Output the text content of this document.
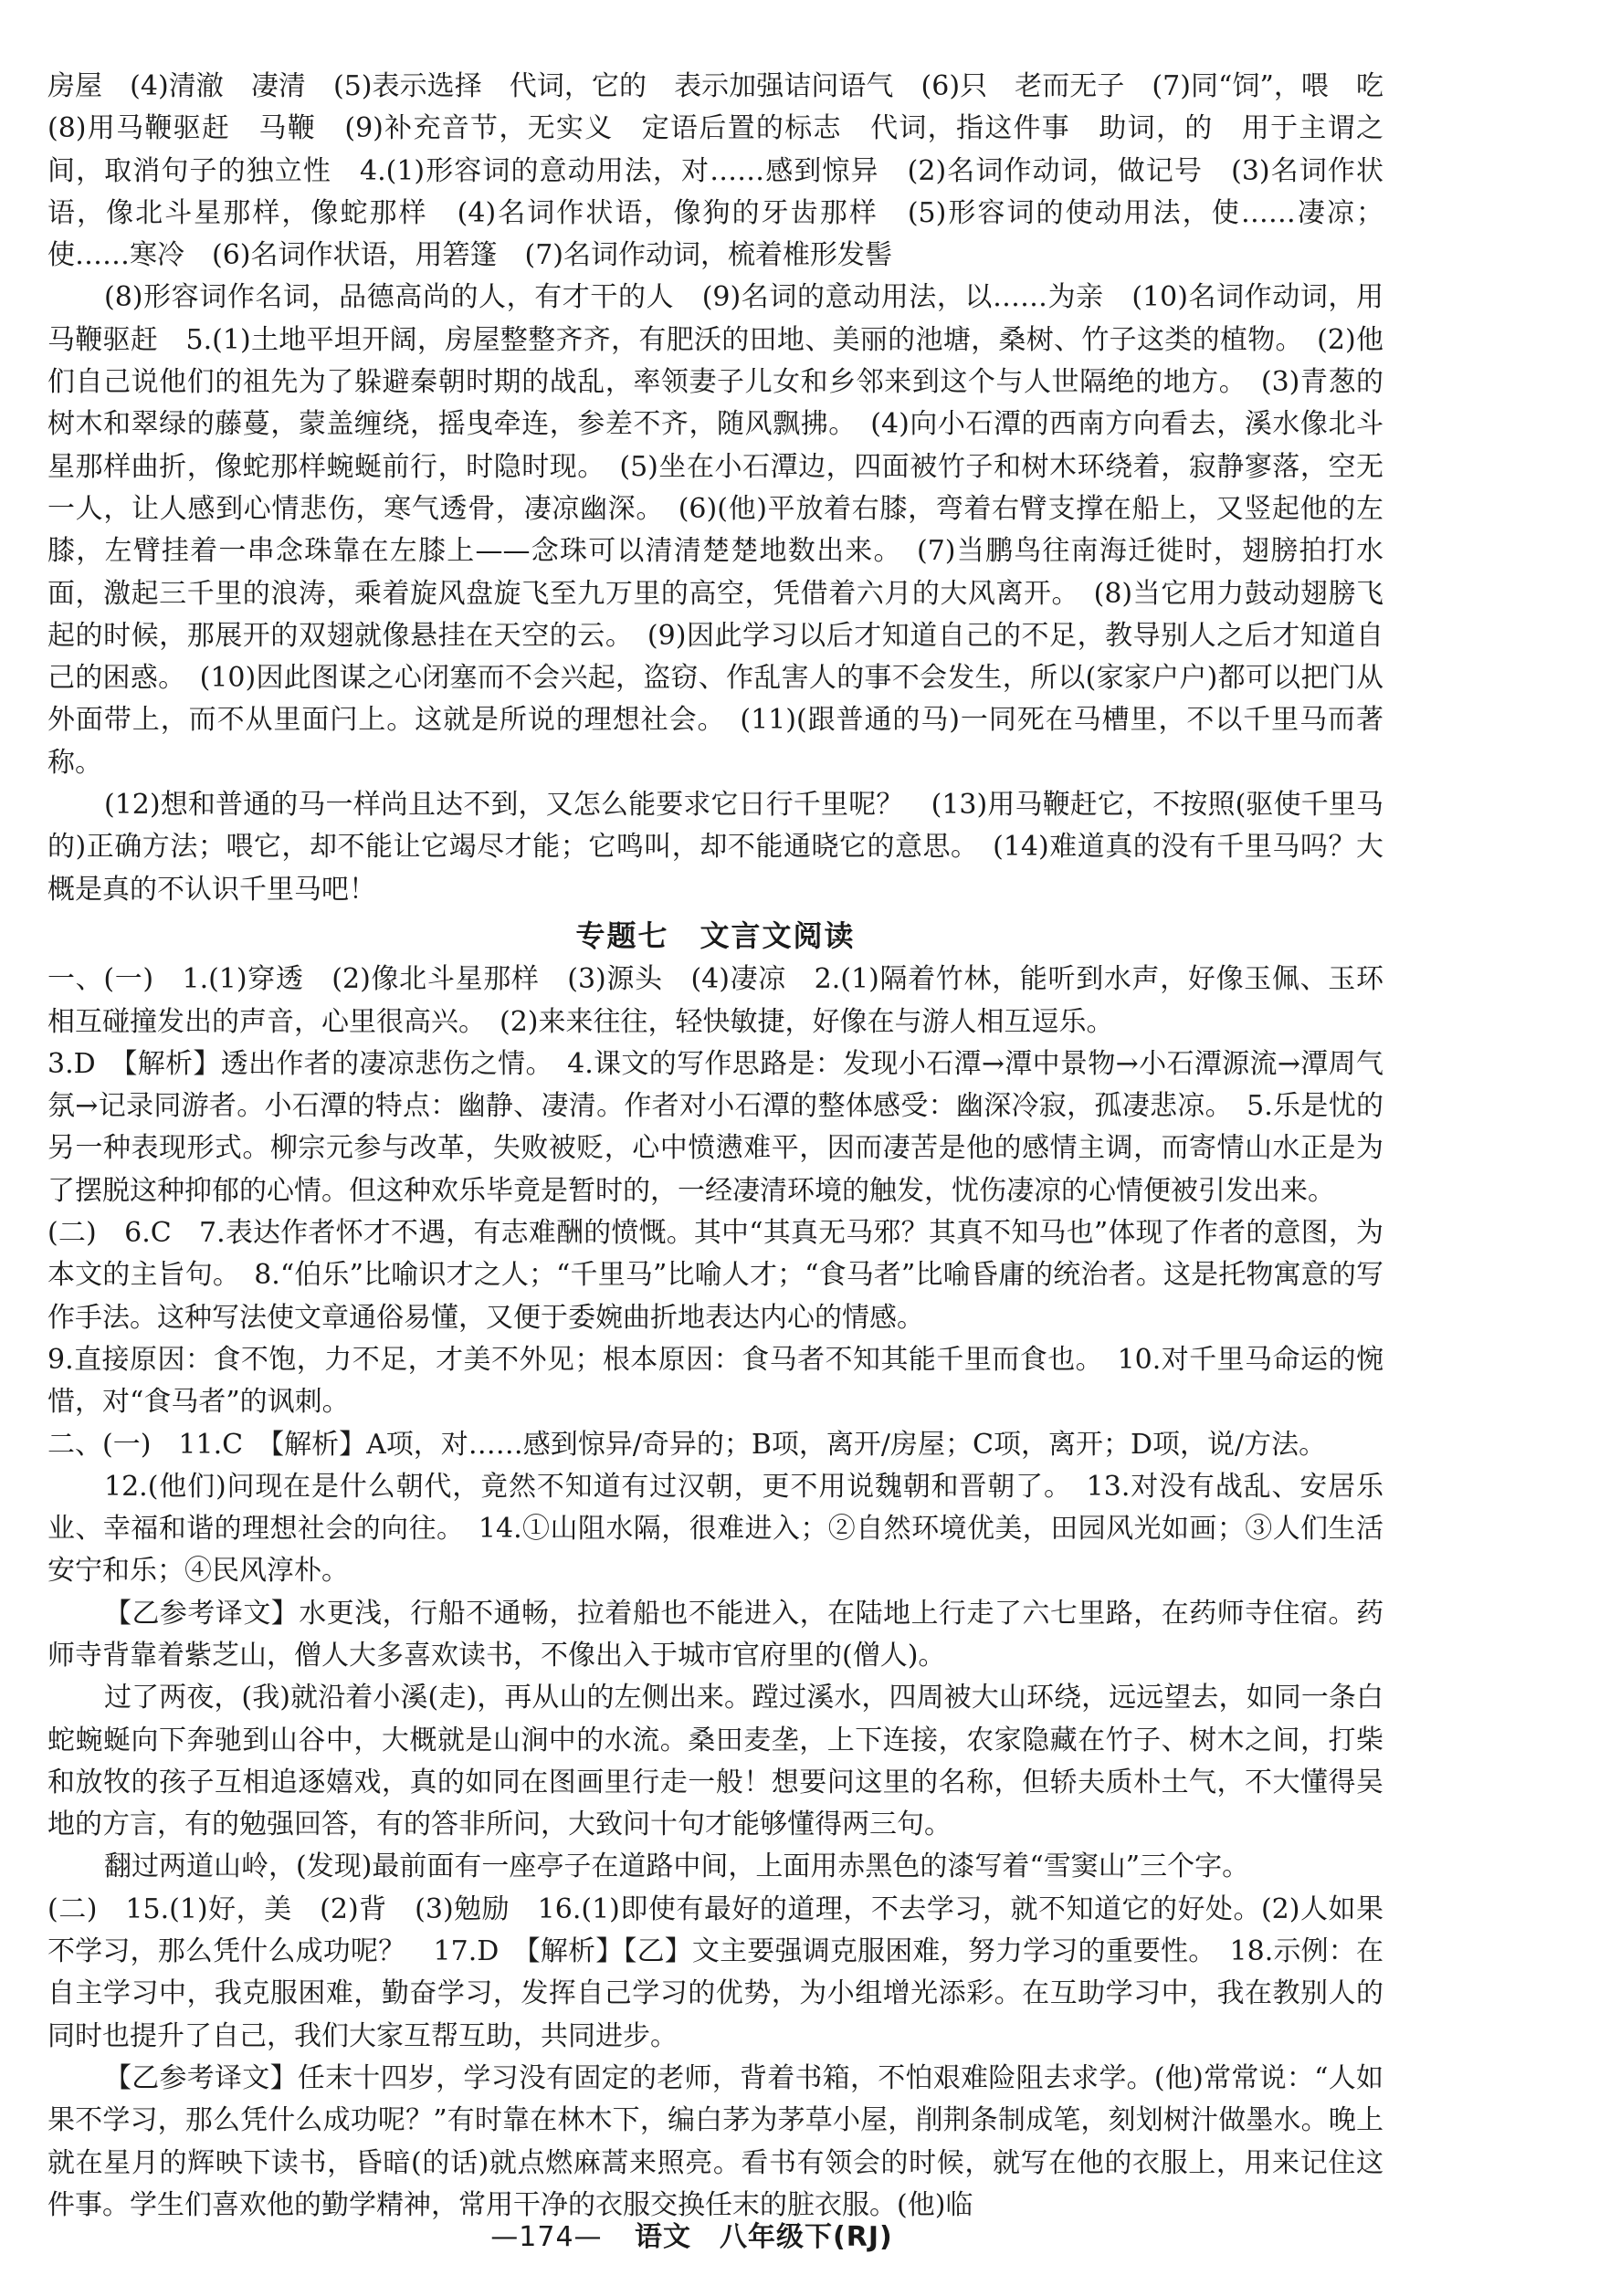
房屋　(4)清澈　凄清　(5)表示选择　代词，它的　表示加强诘问语气　(6)只　老而无子　(7)同“饲”，喂　吃　(8)用马鞭驱赶　马鞭　(9)补充音节，无实义　定语后置的标志　代词，指这件事　助词，的　用于主谓之间，取消句子的独立性　4.(1)形容词的意动用法，对……感到惊异　(2)名词作动词，做记号　(3)名词作状语，像北斗星那样，像蛇那样　(4)名词作状语，像狗的牙齿那样　(5)形容词的使动用法，使……凄凉；使……寒冷　(6)名词作状语，用箬篷　(7)名词作动词，梳着椎形发髻

(8)形容词作名词，品德高尚的人，有才干的人　(9)名词的意动用法，以……为亲　(10)名词作动词，用马鞭驱赶　5.(1)土地平坦开阔，房屋整整齐齐，有肥沃的田地、美丽的池塘，桑树、竹子这类的植物。　(2)他们自己说他们的祖先为了躲避秦朝时期的战乱，率领妻子儿女和乡邻来到这个与人世隔绝的地方。　(3)青葱的树木和翠绿的藤蔓，蒙盖缠绕，摇曳牵连，参差不齐，随风飘拂。　(4)向小石潭的西南方向看去，溪水像北斗星那样曲折，像蛇那样蜿蜒前行，时隐时现。　(5)坐在小石潭边，四面被竹子和树木环绕着，寂静寥落，空无一人，让人感到心情悲伤，寒气透骨，凄凉幽深。　(6)(他)平放着右膝，弯着右臂支撑在船上，又竖起他的左膝，左臂挂着一串念珠靠在左膝上——念珠可以清清楚楚地数出来。　(7)当鹏鸟往南海迁徙时，翅膀拍打水面，激起三千里的浪涛，乘着旋风盘旋飞至九万里的高空，凭借着六月的大风离开。　(8)当它用力鼓动翅膀飞起的时候，那展开的双翅就像悬挂在天空的云。　(9)因此学习以后才知道自己的不足，教导别人之后才知道自己的困惑。　(10)因此图谋之心闭塞而不会兴起，盗窃、作乱害人的事不会发生，所以(家家户户)都可以把门从外面带上，而不从里面闩上。这就是所说的理想社会。　(11)(跟普通的马)一同死在马槽里，不以千里马而著称。

(12)想和普通的马一样尚且达不到，又怎么能要求它日行千里呢？　(13)用马鞭赶它，不按照(驱使千里马的)正确方法；喂它，却不能让它竭尽才能；它鸣叫，却不能通晓它的意思。　(14)难道真的没有千里马吗？大概是真的不认识千里马吧！

专题七　文言文阅读

一、(一)　1.(1)穿透　(2)像北斗星那样　(3)源头　(4)凄凉　2.(1)隔着竹林，能听到水声，好像玉佩、玉环相互碰撞发出的声音，心里很高兴。　(2)来来往往，轻快敏捷，好像在与游人相互逗乐。

3.D　【解析】透出作者的凄凉悲伤之情。　4.课文的写作思路是：发现小石潭→潭中景物→小石潭源流→潭周气氛→记录同游者。小石潭的特点：幽静、凄清。作者对小石潭的整体感受：幽深冷寂，孤凄悲凉。　5.乐是忧的另一种表现形式。柳宗元参与改革，失败被贬，心中愤懑难平，因而凄苦是他的感情主调，而寄情山水正是为了摆脱这种抑郁的心情。但这种欢乐毕竟是暂时的，一经凄清环境的触发，忧伤凄凉的心情便被引发出来。

(二)　6.C　7.表达作者怀才不遇，有志难酬的愤慨。其中“其真无马邪？其真不知马也”体现了作者的意图，为本文的主旨句。　8.“伯乐”比喻识才之人；“千里马”比喻人才；“食马者”比喻昏庸的统治者。这是托物寓意的写作手法。这种写法使文章通俗易懂，又便于委婉曲折地表达内心的情感。

9.直接原因：食不饱，力不足，才美不外见；根本原因：食马者不知其能千里而食也。　10.对千里马命运的惋惜，对“食马者”的讽刺。

二、(一)　11.C　【解析】A项，对……感到惊异/奇异的；B项，离开/房屋；C项，离开；D项，说/方法。

12.(他们)问现在是什么朝代，竟然不知道有过汉朝，更不用说魏朝和晋朝了。　13.对没有战乱、安居乐业、幸福和谐的理想社会的向往。　14.①山阻水隔，很难进入；②自然环境优美，田园风光如画；③人们生活安宁和乐；④民风淳朴。

【乙参考译文】水更浅，行船不通畅，拉着船也不能进入，在陆地上行走了六七里路，在药师寺住宿。药师寺背靠着紫芝山，僧人大多喜欢读书，不像出入于城市官府里的(僧人)。

过了两夜，(我)就沿着小溪(走)，再从山的左侧出来。蹚过溪水，四周被大山环绕，远远望去，如同一条白蛇蜿蜒向下奔驰到山谷中，大概就是山涧中的水流。桑田麦垄，上下连接，农家隐藏在竹子、树木之间，打柴和放牧的孩子互相追逐嬉戏，真的如同在图画里行走一般！想要问这里的名称，但轿夫质朴土气，不大懂得吴地的方言，有的勉强回答，有的答非所问，大致问十句才能够懂得两三句。

翻过两道山岭，(发现)最前面有一座亭子在道路中间，上面用赤黑色的漆写着“雪窦山”三个字。

(二)　15.(1)好，美　(2)背　(3)勉励　16.(1)即使有最好的道理，不去学习，就不知道它的好处。(2)人如果不学习，那么凭什么成功呢？　17.D　【解析】【乙】文主要强调克服困难，努力学习的重要性。　18.示例：在自主学习中，我克服困难，勤奋学习，发挥自己学习的优势，为小组增光添彩。在互助学习中，我在教别人的同时也提升了自己，我们大家互帮互助，共同进步。

【乙参考译文】任末十四岁，学习没有固定的老师，背着书箱，不怕艰难险阻去求学。(他)常常说：“人如果不学习，那么凭什么成功呢？”有时靠在林木下，编白茅为茅草小屋，削荆条制成笔，刻划树汁做墨水。晚上就在星月的辉映下读书，昏暗(的话)就点燃麻蒿来照亮。看书有领会的时候，就写在他的衣服上，用来记住这件事。学生们喜欢他的勤学精神，常用干净的衣服交换任末的脏衣服。(他)临

—174— 语文　八年级下(RJ)
